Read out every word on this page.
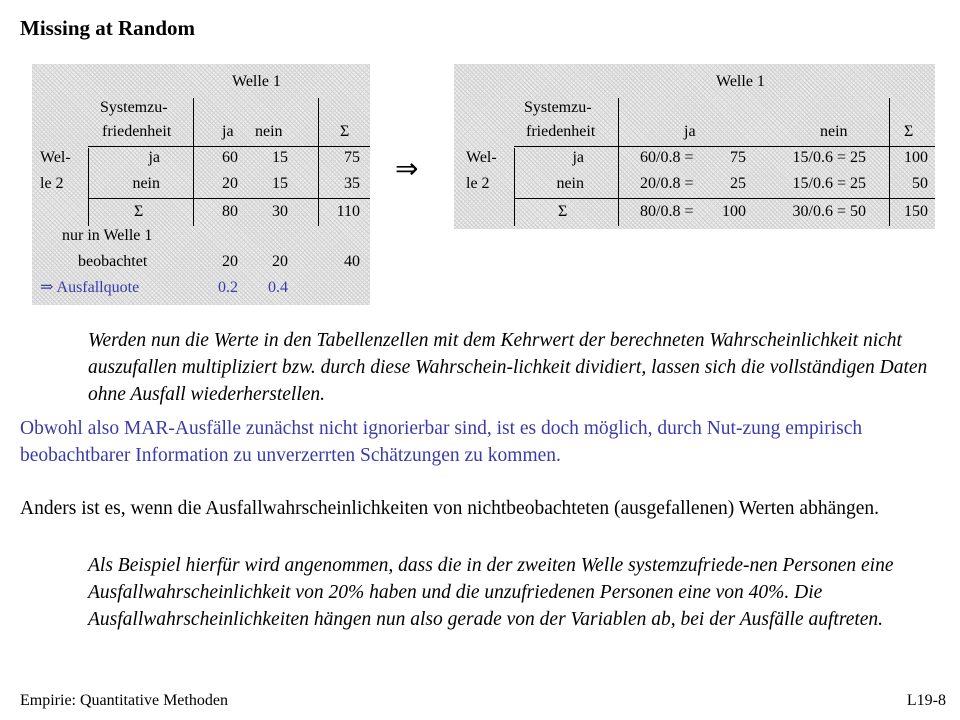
Missing at Random
Welle 1
Systemzu-
friedenheit	ja nein	Σ
Wel-
le 2
ja	60	15	75
nein	20	15	35
Σ	80	30	110
nur in Welle 1
beobachtet	20	20	40
⇒ Ausfallquote	0.2	0.4
⇒
Welle 1
Systemzu-
friedenheit	ja	nein	Σ
Wel-
le 2
ja	60/0.8 =	75	15/0.6 = 25	100
nein	20/0.8 =	25	15/0.6 = 25	50
Σ	80/0.8 =	100	30/0.6 = 50	150
Werden nun die Werte in den Tabellenzellen mit dem Kehrwert der berechneten Wahrscheinlichkeit nicht auszufallen multipliziert bzw. durch diese Wahrschein-lichkeit dividiert, lassen sich die vollständigen Daten ohne Ausfall wiederherstellen.
Obwohl also MAR-Ausfälle zunächst nicht ignorierbar sind, ist es doch möglich, durch Nut-zung empirisch beobachtbarer Information zu unverzerrten Schätzungen zu kommen.
Anders ist es, wenn die Ausfallwahrscheinlichkeiten von nichtbeobachteten (ausgefallenen) Werten abhängen.
Als Beispiel hierfür wird angenommen, dass die in der zweiten Welle systemzufriede-nen Personen eine Ausfallwahrscheinlichkeit von 20% haben und die unzufriedenen Personen eine von 40%. Die Ausfallwahrscheinlichkeiten hängen nun also gerade von der Variablen ab, bei der Ausfälle auftreten.
Empirie: Quantitative Methoden	L19-8
